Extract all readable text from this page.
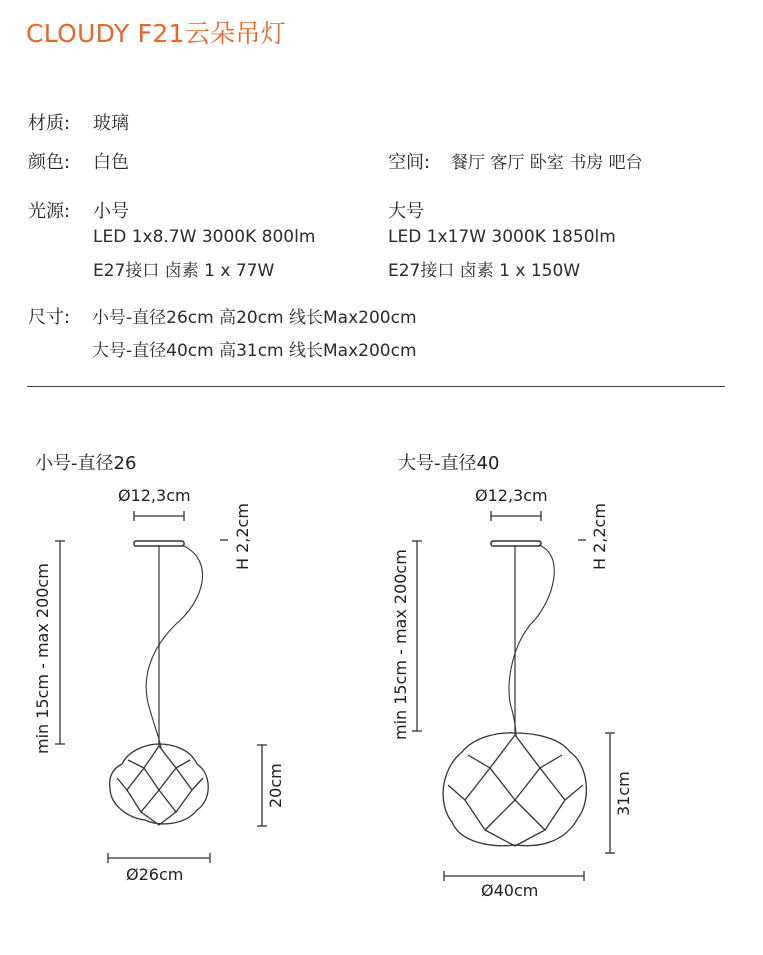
CLOUDY F21云朵吊灯
材质: 玻璃
颜色: 白色	空间: 餐厅 客厅 卧室 书房 吧台
光源: 小号
LED 1x8.7W 3000K 800lm
E27接口 卤素 1 x 77W
大号
LED 1x17W 3000K 1850lm
E27接口 卤素 1 x 150W
尺寸: 小号-直径26cm 高20cm 线长Max200cm
大号-直径40cm 高31cm 线长Max200cm
小号-直径26	大号-直径40
Ø12,3cm
H 2,2cm
min 15cm - max 200cm
20cm
Ø26cm
Ø12,3cm
H 2,2cm
min 15cm - max 200cm
31cm
Ø40cm
